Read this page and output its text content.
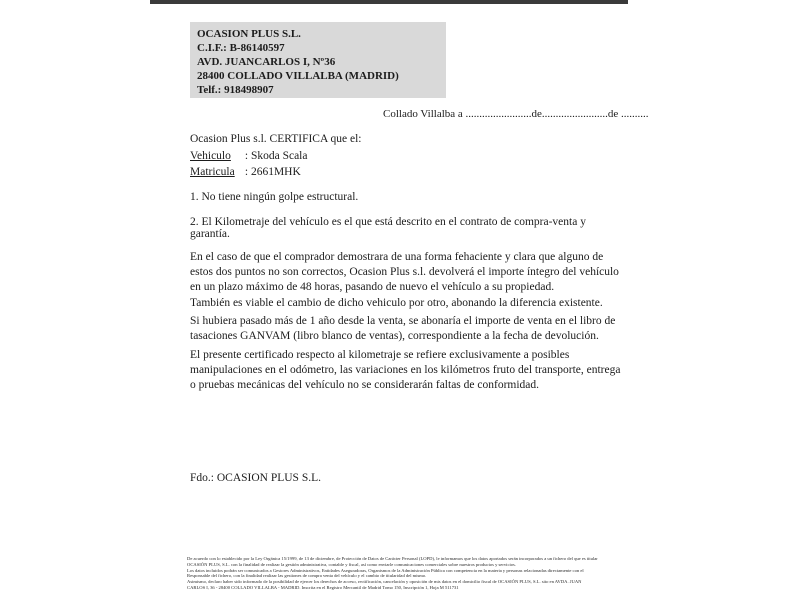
OCASION PLUS S.L.
C.I.F.: B-86140597
AVD. JUANCARLOS I, Nº36
28400 COLLADO VILLALBA (MADRID)
Telf.: 918498907
Collado Villalba a ........................de........................de ..........
Ocasion Plus s.l. CERTIFICA que el:
Vehiculo : Skoda Scala
Matricula : 2661MHK
1. No tiene ningún golpe estructural.
2. El Kilometraje del vehículo es el que está descrito en el contrato de compra-venta y garantía.
En el caso de que el comprador demostrara de una forma fehaciente y clara que alguno de estos dos puntos no son correctos, Ocasion Plus s.l. devolverá el importe íntegro del vehículo en un plazo máximo de 48 horas, pasando de nuevo el vehículo a su propiedad.
También es viable el cambio de dicho vehiculo por otro, abonando la diferencia existente.
Si hubiera pasado más de 1 año desde la venta, se abonaría el importe de venta en el libro de tasaciones GANVAM (libro blanco de ventas), correspondiente a la fecha de devolución.
El presente certificado respecto al kilometraje se refiere exclusivamente a posibles manipulaciones en el odómetro, las variaciones en los kilómetros fruto del transporte, entrega o pruebas mecánicas del vehículo no se considerarán faltas de conformidad.
Fdo.: OCASION PLUS S.L.
De acuerdo con lo establecido por la Ley Orgánica 15/1999, de 13 de diciembre, de Protección de Datos de Carácter Personal (LOPD), le informamos que los datos aportados serán incorporados a un fichero del que es titular
OCASIÓN PLUS, S.L. con la finalidad de realizar la gestión administrativa, contable y fiscal, así como enviarle comunicaciones comerciales sobre nuestros productos y servicios.
Los datos incluidos podrán ser comunicados a Gestores Administrativos, Entidades Aseguradoras, Organismos de la Administración Pública con competencia en la materia y personas relacionadas directamente con el
Responsable del fichero, con la finalidad realizar las gestiones de compra venta del vehículo y el cambio de titularidad del mismo.
Asimismo, declaro haber sido informado de la posibilidad de ejercer los derechos de acceso, rectificación, cancelación y oposición de mis datos en el domicilio fiscal de OCASIÓN PLUS, S.L. sito en AVDA. JUAN
CARLOS I, 36 - 28400 COLLADO VILLALBA - MADRID. Inscrita en el Registro Mercantil de Madrid Tomo 150, Inscripción 1, Hoja M 511731
